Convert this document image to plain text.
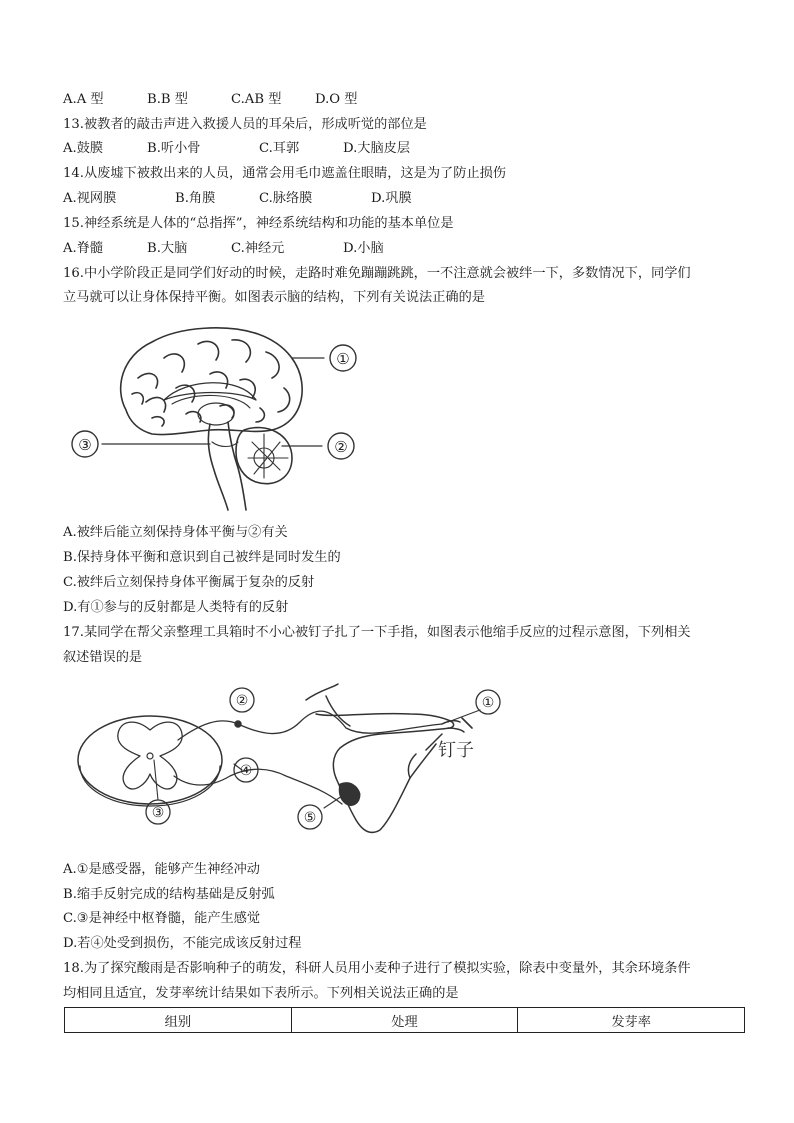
A.A 型	B.B 型	C.AB 型	D.O 型
13.被教者的敲击声进入救援人员的耳朵后，形成听觉的部位是
A.鼓膜	B.听小骨	C.耳郭	D.大脑皮层
14.从废墟下被救出来的人员，通常会用毛巾遮盖住眼睛，这是为了防止损伤
A.视网膜	B.角膜	C.脉络膜	D.巩膜
15.神经系统是人体的“总指挥”，神经系统结构和功能的基本单位是
A.脊髓	B.大脑	C.神经元	D.小脑
16.中小学阶段正是同学们好动的时候，走路时难免蹦蹦跳跳，一不注意就会被绊一下，多数情况下，同学们
立马就可以让身体保持平衡。如图表示脑的结构，下列有关说法正确的是
①
②
③
A.被绊后能立刻保持身体平衡与②有关
B.保持身体平衡和意识到自己被绊是同时发生的
C.被绊后立刻保持身体平衡属于复杂的反射
D.有①参与的反射都是人类特有的反射
17.某同学在帮父亲整理工具箱时不小心被钉子扎了一下手指，如图表示他缩手反应的过程示意图，下列相关
叙述错误的是
①
②
③
④
⑤
钉子
A.①是感受器，能够产生神经冲动
B.缩手反射完成的结构基础是反射弧
C.③是神经中枢脊髓，能产生感觉
D.若④处受到损伤，不能完成该反射过程
18.为了探究酸雨是否影响种子的萌发，科研人员用小麦种子进行了模拟实验，除表中变量外，其余环境条件
均相同且适宜，发芽率统计结果如下表所示。下列相关说法正确的是
组别	处理	发芽率
